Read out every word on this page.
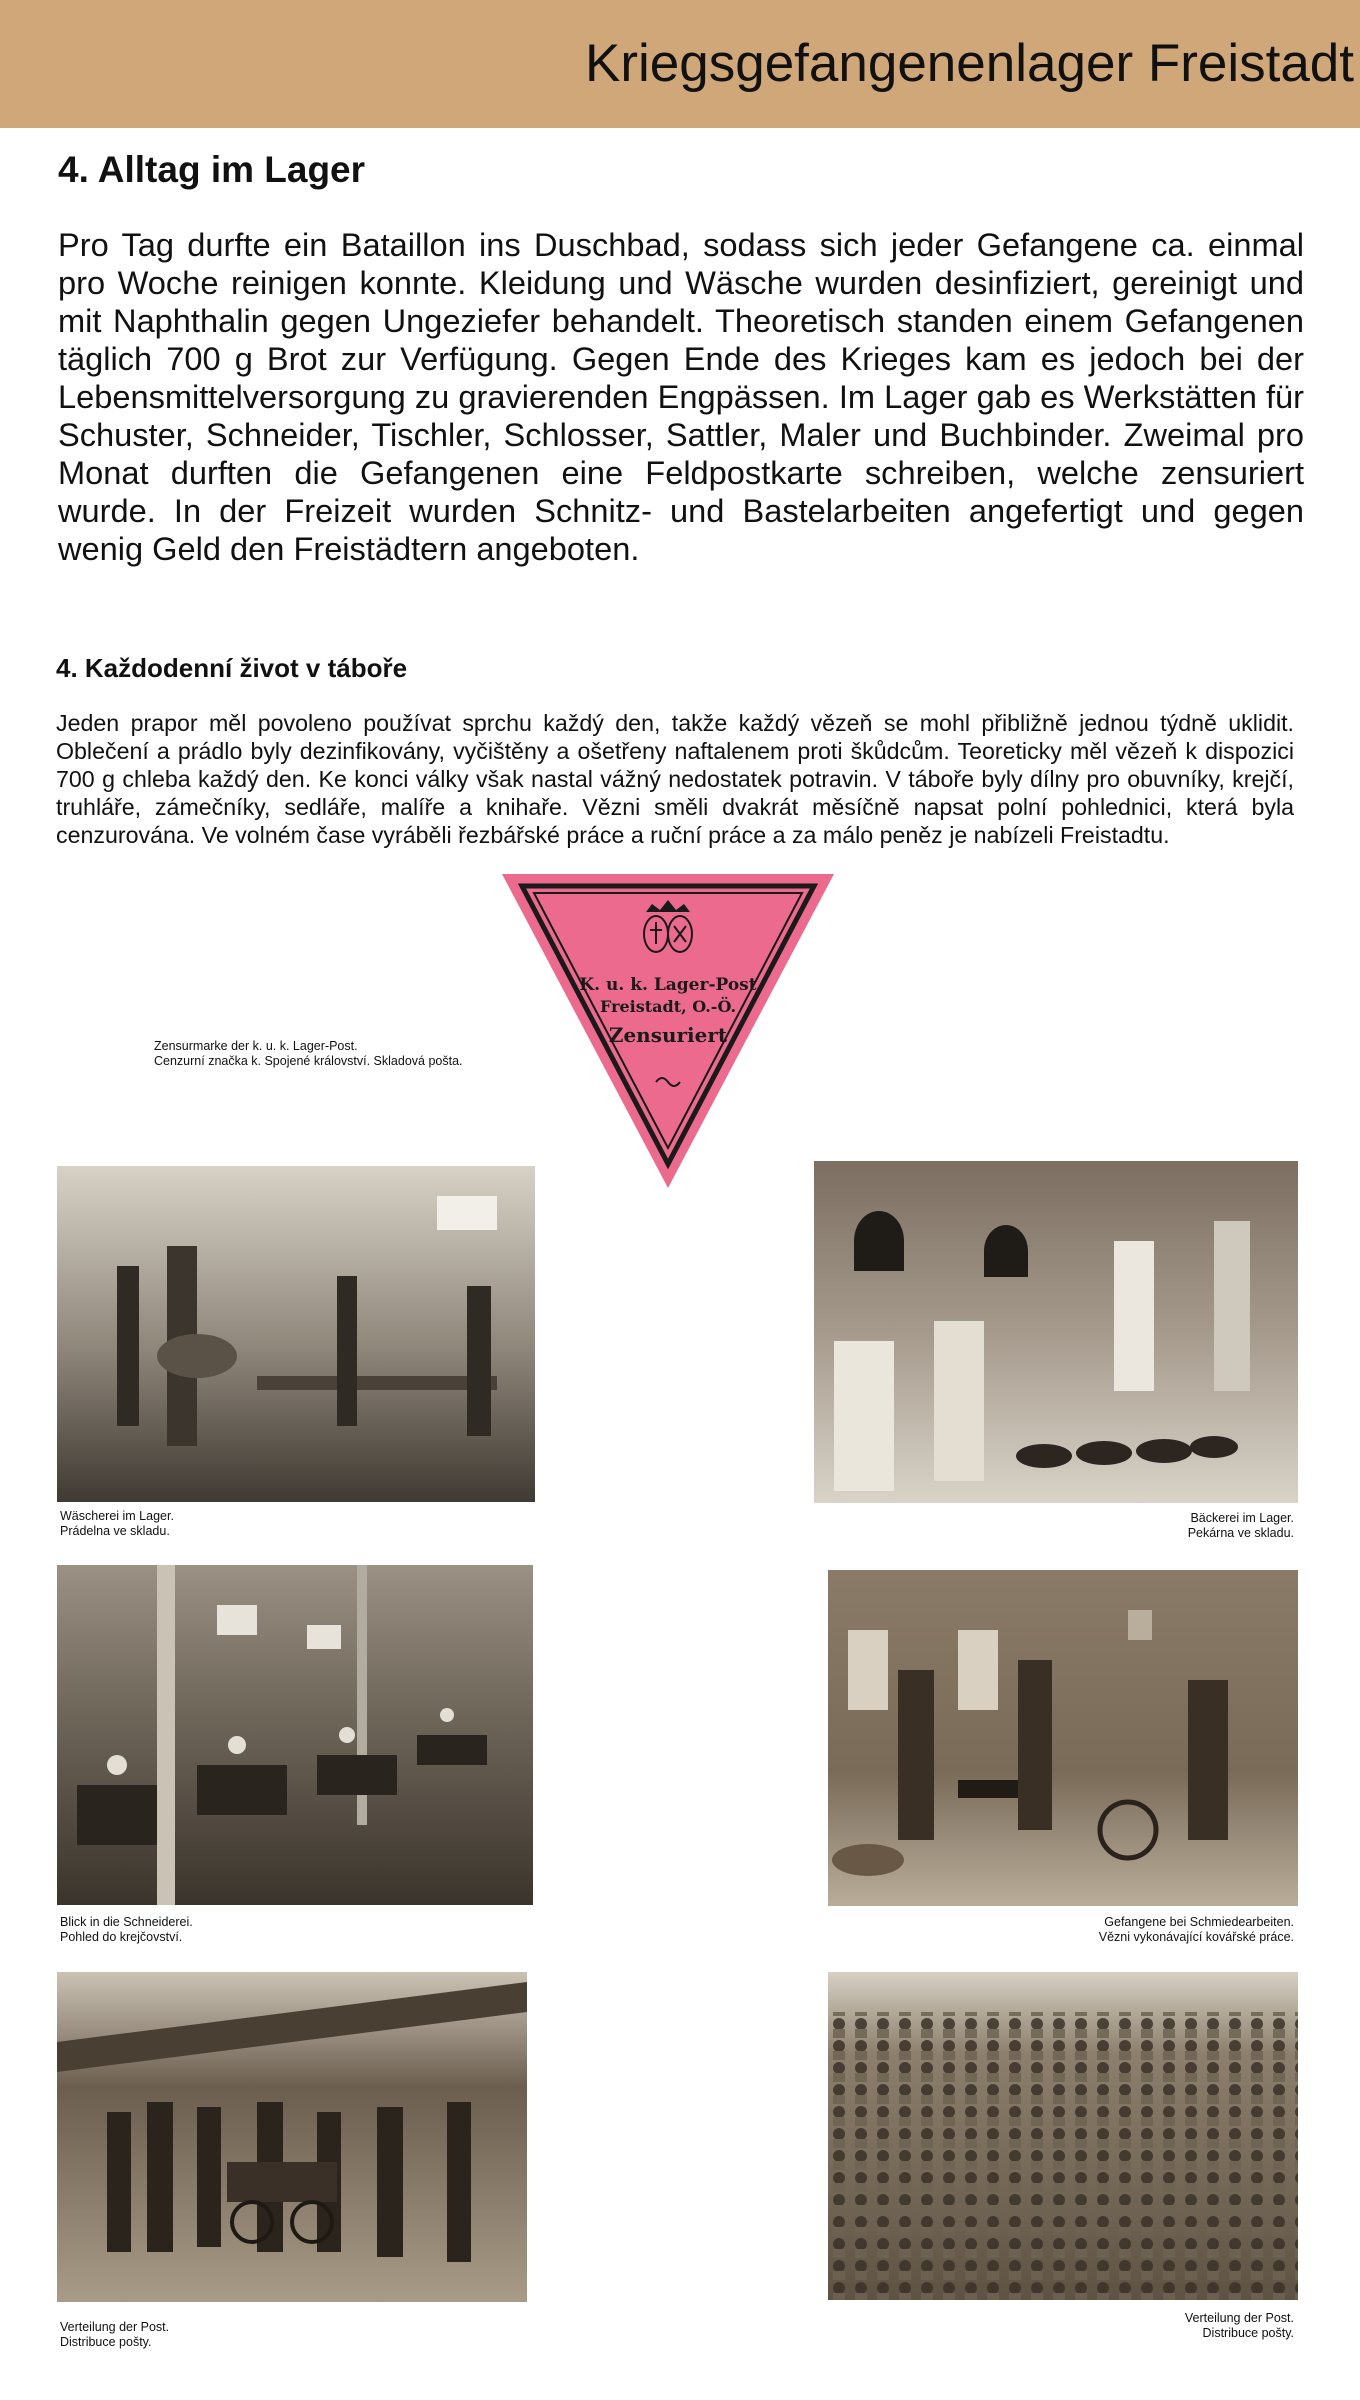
Kriegsgefangenenlager Freistadt
4. Alltag im Lager
Pro Tag durfte ein Bataillon ins Duschbad, sodass sich jeder Gefangene ca. einmal pro Woche reinigen konnte. Kleidung und Wäsche wurden desinfiziert, gereinigt und mit Naphthalin gegen Ungeziefer behandelt. Theoretisch standen einem Gefangenen täglich 700 g Brot zur Verfügung. Gegen Ende des Krieges kam es jedoch bei der Lebensmittelversorgung zu gravierenden Engpässen. Im Lager gab es Werkstätten für Schuster, Schneider, Tischler, Schlosser, Sattler, Maler und Buchbinder. Zweimal pro Monat durften die Gefangenen eine Feldpostkarte schreiben, welche zensuriert wurde. In der Freizeit wurden Schnitz- und Bastelarbeiten angefertigt und gegen wenig Geld den Freistädtern angeboten.
4. Každodenní život v táboře
Jeden prapor měl povoleno používat sprchu každý den, takže každý vězeň se mohl přibližně jednou týdně uklidit. Oblečení a prádlo byly dezinfikovány, vyčištěny a ošetřeny naftalenem proti škůdcům. Teoreticky měl vězeň k dispozici 700 g chleba každý den. Ke konci války však nastal vážný nedostatek potravin. V táboře byly dílny pro obuvníky, krejčí, truhláře, zámečníky, sedláře, malíře a knihaře. Vězni směli dvakrát měsíčně napsat polní pohlednici, která byla cenzurována. Ve volném čase vyráběli řezbářské práce a ruční práce a za málo peněz je nabízeli Freistadtu.
K. u. k. Lager-Post
Freistadt, O.-Ö.
Zensuriert
Zensurmarke der k. u. k. Lager-Post.
Cenzurní značka k. Spojené království. Skladová pošta.
Wäscherei im Lager.
Prádelna ve skladu.
Bäckerei im Lager.
Pekárna ve skladu.
Blick in die Schneiderei.
Pohled do krejčovství.
Gefangene bei Schmiedearbeiten.
Vězni vykonávající kovářské práce.
Verteilung der Post.
Distribuce pošty.
Verteilung der Post.
Distribuce pošty.
